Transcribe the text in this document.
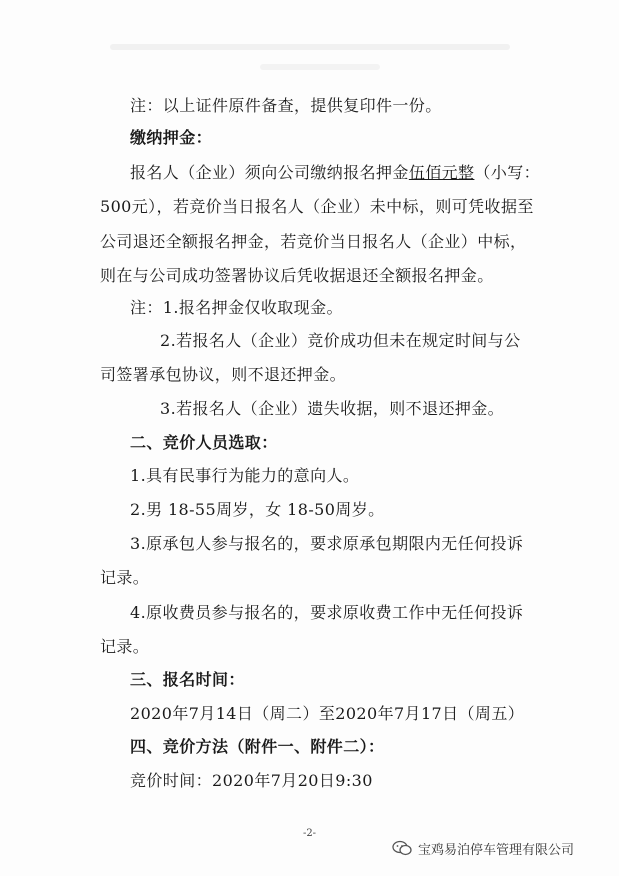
注：以上证件原件备查，提供复印件一份。
缴纳押金：
报名人（企业）须向公司缴纳报名押金伍佰元整（小写：
500元），若竞价当日报名人（企业）未中标，则可凭收据至
公司退还全额报名押金，若竞价当日报名人（企业）中标，
则在与公司成功签署协议后凭收据退还全额报名押金。
注：1.报名押金仅收取现金。
2.若报名人（企业）竞价成功但未在规定时间与公
司签署承包协议，则不退还押金。
3.若报名人（企业）遗失收据，则不退还押金。
二、竞价人员选取：
1.具有民事行为能力的意向人。
2.男 18-55周岁，女 18-50周岁。
3.原承包人参与报名的，要求原承包期限内无任何投诉
记录。
4.原收费员参与报名的，要求原收费工作中无任何投诉
记录。
三、报名时间：
2020年7月14日（周二）至2020年7月17日（周五）
四、竞价方法（附件一、附件二）：
竞价时间：2020年7月20日9:30
-2-
宝鸡易泊停车管理有限公司
